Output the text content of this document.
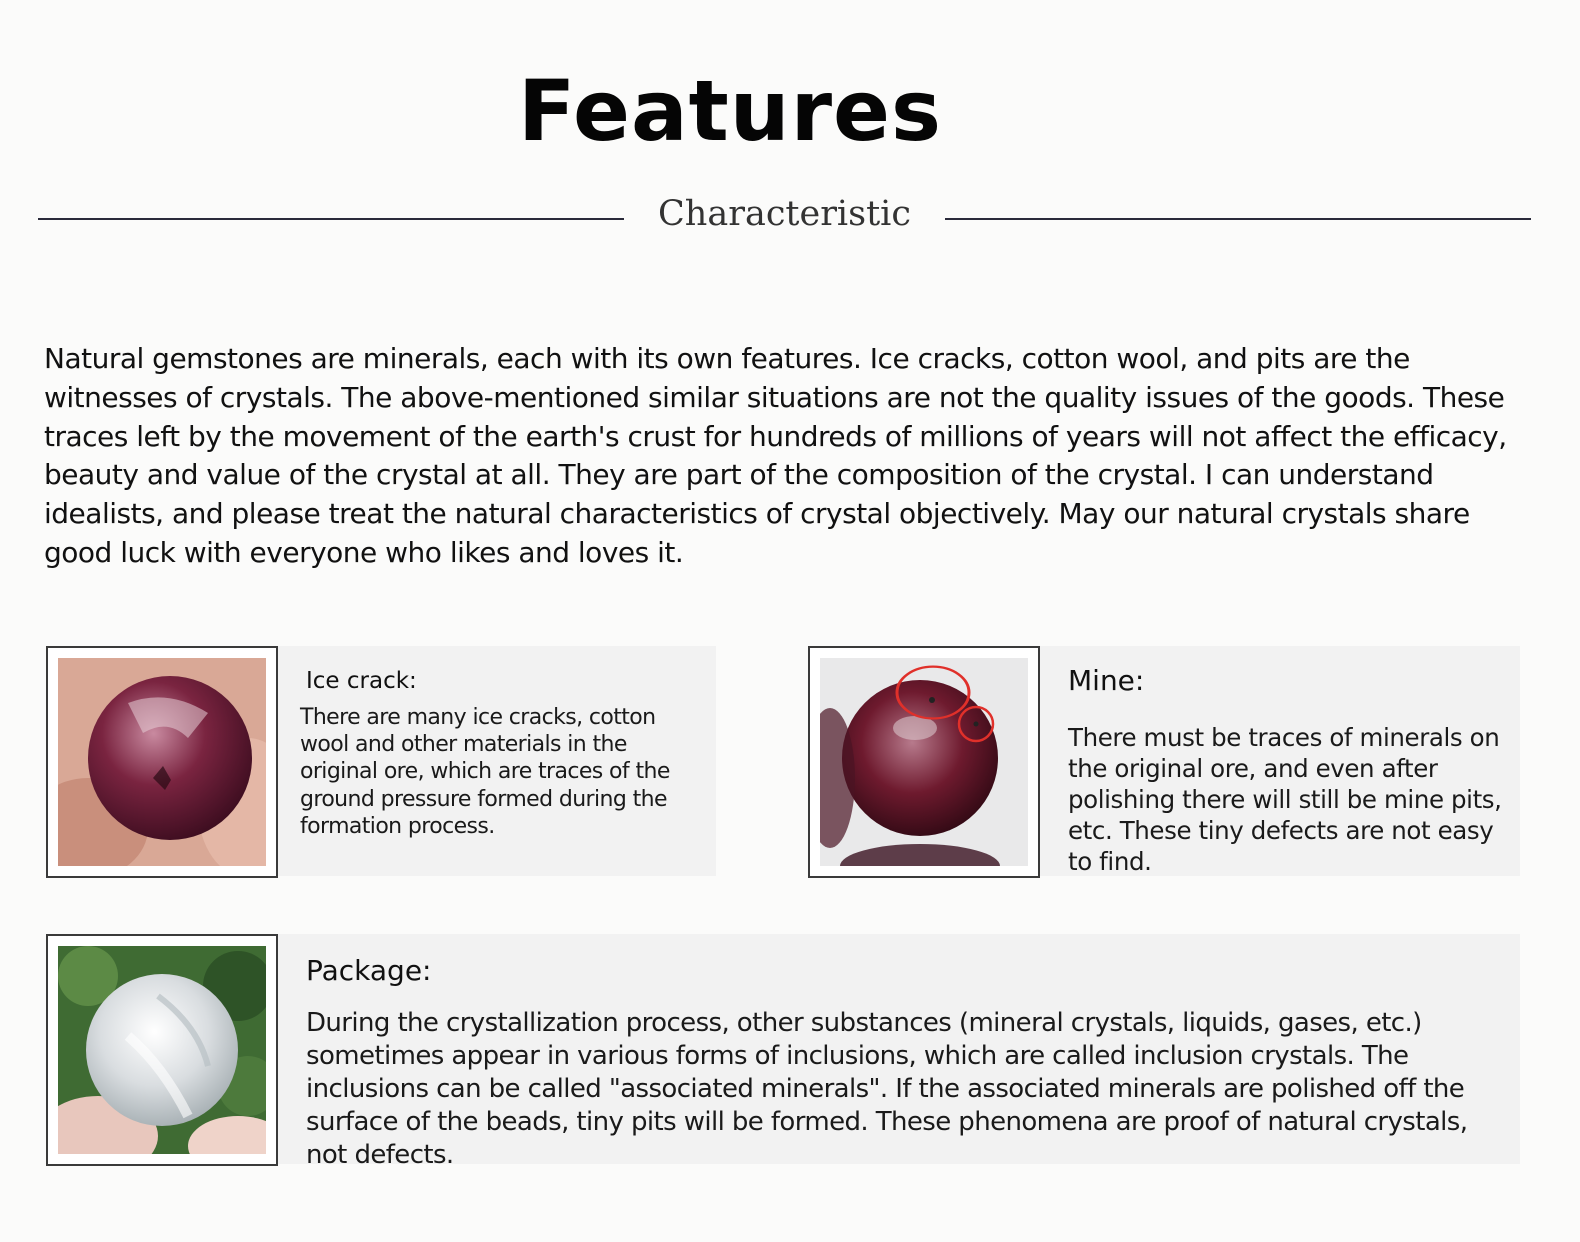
Features
Characteristic
Natural gemstones are minerals, each with its own features. Ice cracks, cotton wool, and pits are the witnesses of crystals. The above-mentioned similar situations are not the quality issues of the goods. These traces left by the movement of the earth's crust for hundreds of millions of years will not affect the efficacy, beauty and value of the crystal at all. They are part of the composition of the crystal. I can understand idealists, and please treat the natural characteristics of crystal objectively. May our natural crystals share good luck with everyone who likes and loves it.
Ice crack:
There are many ice cracks, cotton wool and other materials in the original ore, which are traces of the ground pressure formed during the formation process.
Mine:
There must be traces of minerals on the original ore, and even after polishing there will still be mine pits, etc. These tiny defects are not easy to find.
Package:
During the crystallization process, other substances (mineral crystals, liquids, gases, etc.) sometimes appear in various forms of inclusions, which are called inclusion crystals. The inclusions can be called "associated minerals". If the associated minerals are polished off the surface of the beads, tiny pits will be formed. These phenomena are proof of natural crystals, not defects.
